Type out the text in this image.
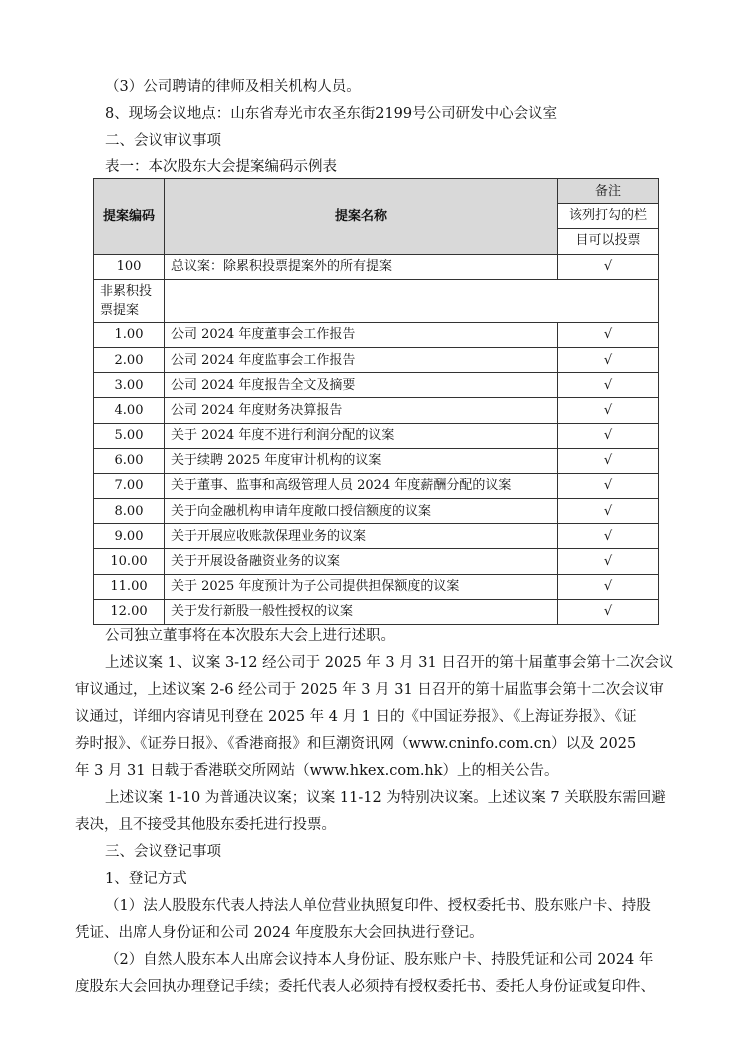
（3）公司聘请的律师及相关机构人员。
8、现场会议地点：山东省寿光市农圣东街2199号公司研发中心会议室
二、会议审议事项
表一：本次股东大会提案编码示例表
提案编码	提案名称	备注
		该列打勾的栏
		目可以投票
100	总议案：除累积投票提案外的所有提案	√
非累积投
票提案		
1.00	公司 2024 年度董事会工作报告	√
2.00	公司 2024 年度监事会工作报告	√
3.00	公司 2024 年度报告全文及摘要	√
4.00	公司 2024 年度财务决算报告	√
5.00	关于 2024 年度不进行利润分配的议案	√
6.00	关于续聘 2025 年度审计机构的议案	√
7.00	关于董事、监事和高级管理人员 2024 年度薪酬分配的议案	√
8.00	关于向金融机构申请年度敞口授信额度的议案	√
9.00	关于开展应收账款保理业务的议案	√
10.00	关于开展设备融资业务的议案	√
11.00	关于 2025 年度预计为子公司提供担保额度的议案	√
12.00	关于发行新股一般性授权的议案	√
公司独立董事将在本次股东大会上进行述职。
上述议案 1、议案 3-12 经公司于 2025 年 3 月 31 日召开的第十届董事会第十二次会议
审议通过，上述议案 2-6 经公司于 2025 年 3 月 31 日召开的第十届监事会第十二次会议审
议通过，详细内容请见刊登在 2025 年 4 月 1 日的《中国证券报》、《上海证券报》、《证
券时报》、《证券日报》、《香港商报》和巨潮资讯网（www.cninfo.com.cn）以及 2025
年 3 月 31 日载于香港联交所网站（www.hkex.com.hk）上的相关公告。
上述议案 1-10 为普通决议案；议案 11-12 为特别决议案。上述议案 7 关联股东需回避
表决，且不接受其他股东委托进行投票。
三、会议登记事项
1、登记方式
（1）法人股股东代表人持法人单位营业执照复印件、授权委托书、股东账户卡、持股
凭证、出席人身份证和公司 2024 年度股东大会回执进行登记。
（2）自然人股东本人出席会议持本人身份证、股东账户卡、持股凭证和公司 2024 年
度股东大会回执办理登记手续；委托代表人必须持有授权委托书、委托人身份证或复印件、
